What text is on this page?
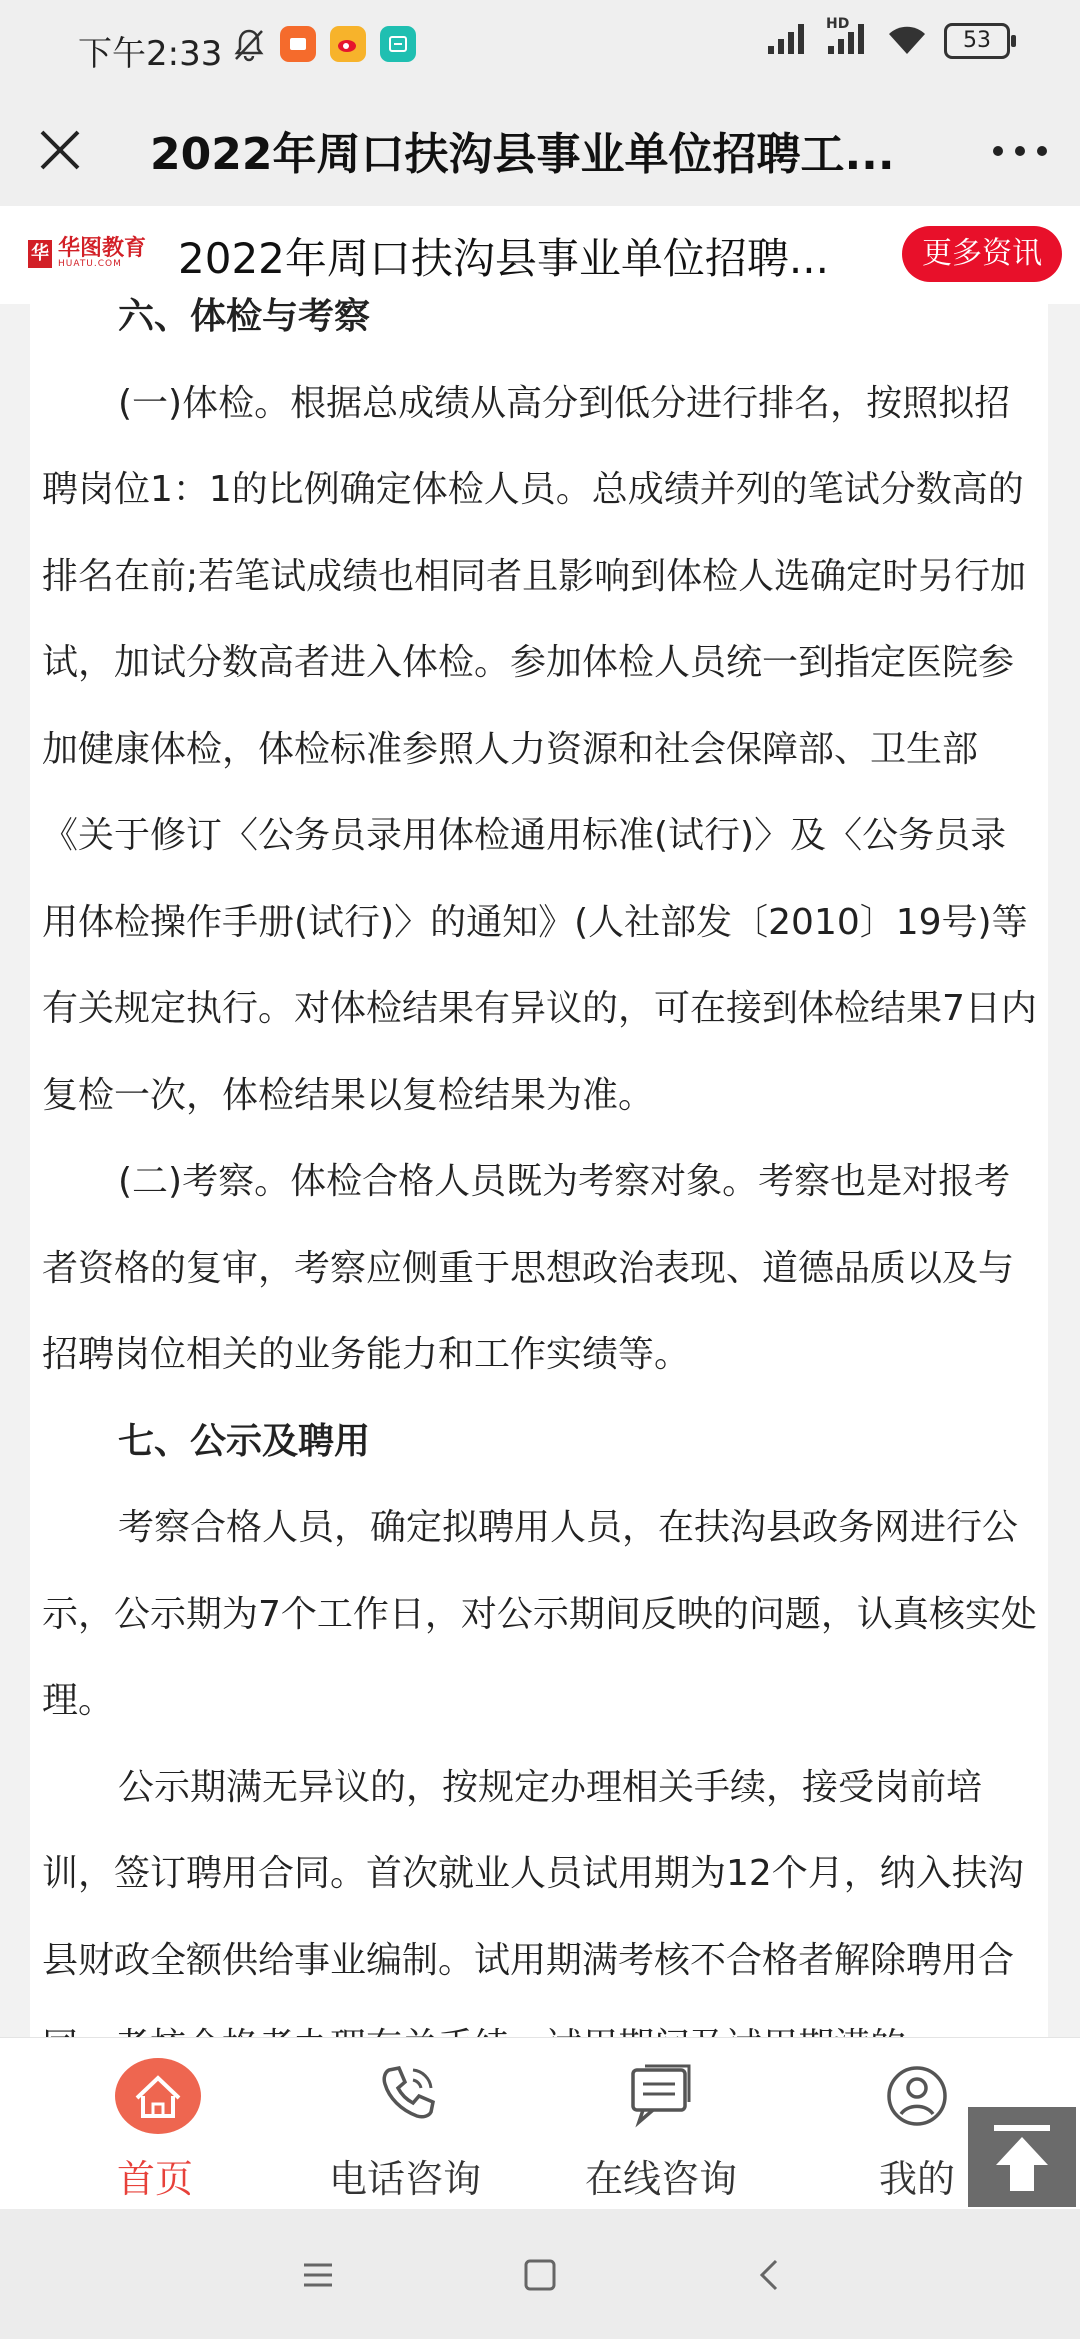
下午2:33
HD
53
2022年周口扶沟县事业单位招聘工...
华 华图教育
HUATU.COM	2022年周口扶沟县事业单位招聘...	更多资讯

六、体检与考察

(一)体检。根据总成绩从高分到低分进行排名，按照拟招聘岗位1：1的比例确定体检人员。总成绩并列的笔试分数高的排名在前;若笔试成绩也相同者且影响到体检人选确定时另行加试，加试分数高者进入体检。参加体检人员统一到指定医院参加健康体检，体检标准参照人力资源和社会保障部、卫生部《关于修订〈公务员录用体检通用标准(试行)〉及〈公务员录用体检操作手册(试行)〉的通知》(人社部发〔2010〕19号)等有关规定执行。对体检结果有异议的，可在接到体检结果7日内复检一次，体检结果以复检结果为准。

(二)考察。体检合格人员既为考察对象。考察也是对报考者资格的复审，考察应侧重于思想政治表现、道德品质以及与招聘岗位相关的业务能力和工作实绩等。

七、公示及聘用

考察合格人员，确定拟聘用人员，在扶沟县政务网进行公示，公示期为7个工作日，对公示期间反映的问题，认真核实处理。

公示期满无异议的，按规定办理相关手续，接受岗前培训，签订聘用合同。首次就业人员试用期为12个月，纳入扶沟县财政全额供给事业编制。试用期满考核不合格者解除聘用合

首页	电话咨询	在线咨询	我的
